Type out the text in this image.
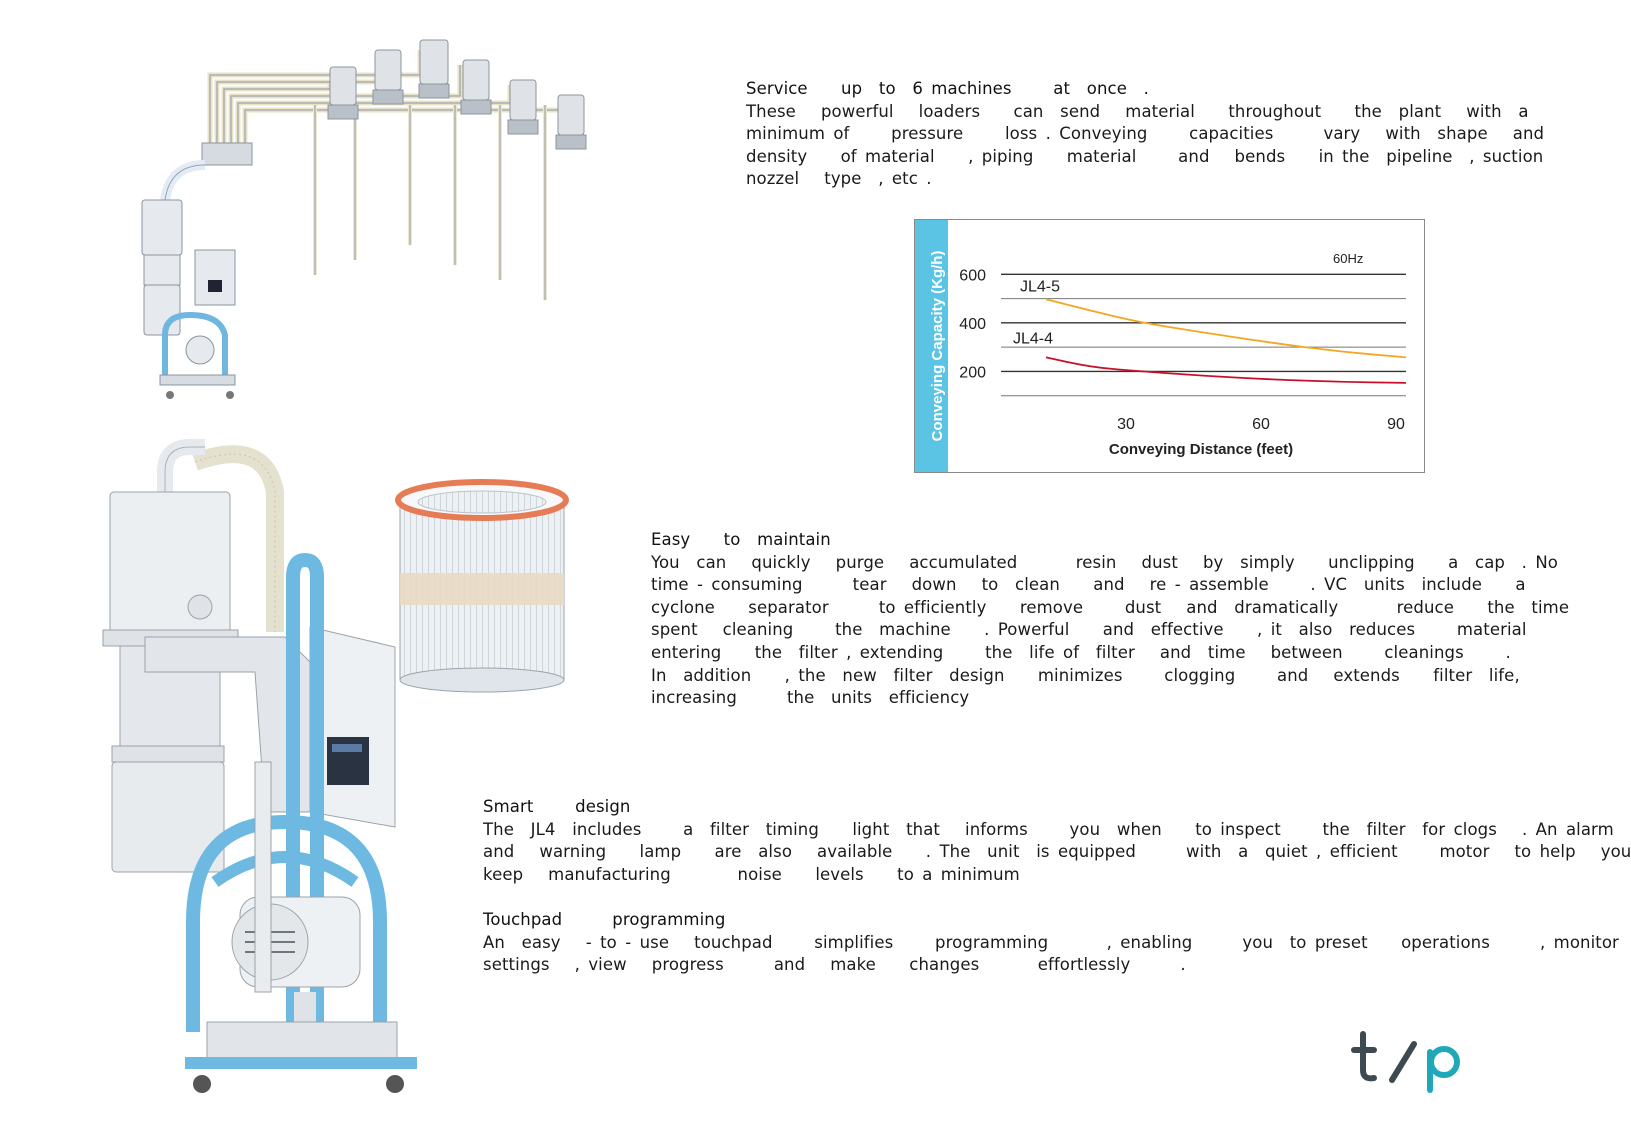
Service    up  to  6 machines     at  once  .
These   powerful   loaders    can  send   material    throughout    the  plant   with  a
minimum of     pressure     loss . Conveying     capacities      vary   with  shape   and
density    of material    , piping    material     and   bends    in the  pipeline  , suction
nozzel   type  , etc .
Conveying Capacity (Kg/h)	JL4-5
JL4-4
600
400
200
30	60	90
60Hz
Conveying Distance (feet)
Easy    to  maintain
You  can   quickly   purge   accumulated       resin   dust   by  simply    unclipping    a  cap  . No
time - consuming      tear   down   to  clean    and   re - assemble     . VC  units  include    a
cyclone    separator      to efficiently    remove     dust   and  dramatically       reduce    the  time
spent   cleaning     the  machine    . Powerful    and  effective    , it  also  reduces     material
entering    the  filter , extending     the  life of  filter   and  time   between     cleanings     .
In  addition    , the  new  filter  design    minimizes     clogging     and   extends    filter  life,
increasing      the  units  efficiency
Smart     design
The  JL4  includes     a  filter  timing    light  that   informs     you  when    to inspect     the  filter  for clogs   . An alarm
and   warning    lamp    are  also   available    . The  unit  is equipped      with  a  quiet , efficient     motor   to help   you
keep   manufacturing        noise    levels    to a minimum
Touchpad      programming
An  easy   - to - use   touchpad     simplifies     programming       , enabling      you  to preset    operations      , monitor
settings   , view   progress      and   make    changes       effortlessly      .
